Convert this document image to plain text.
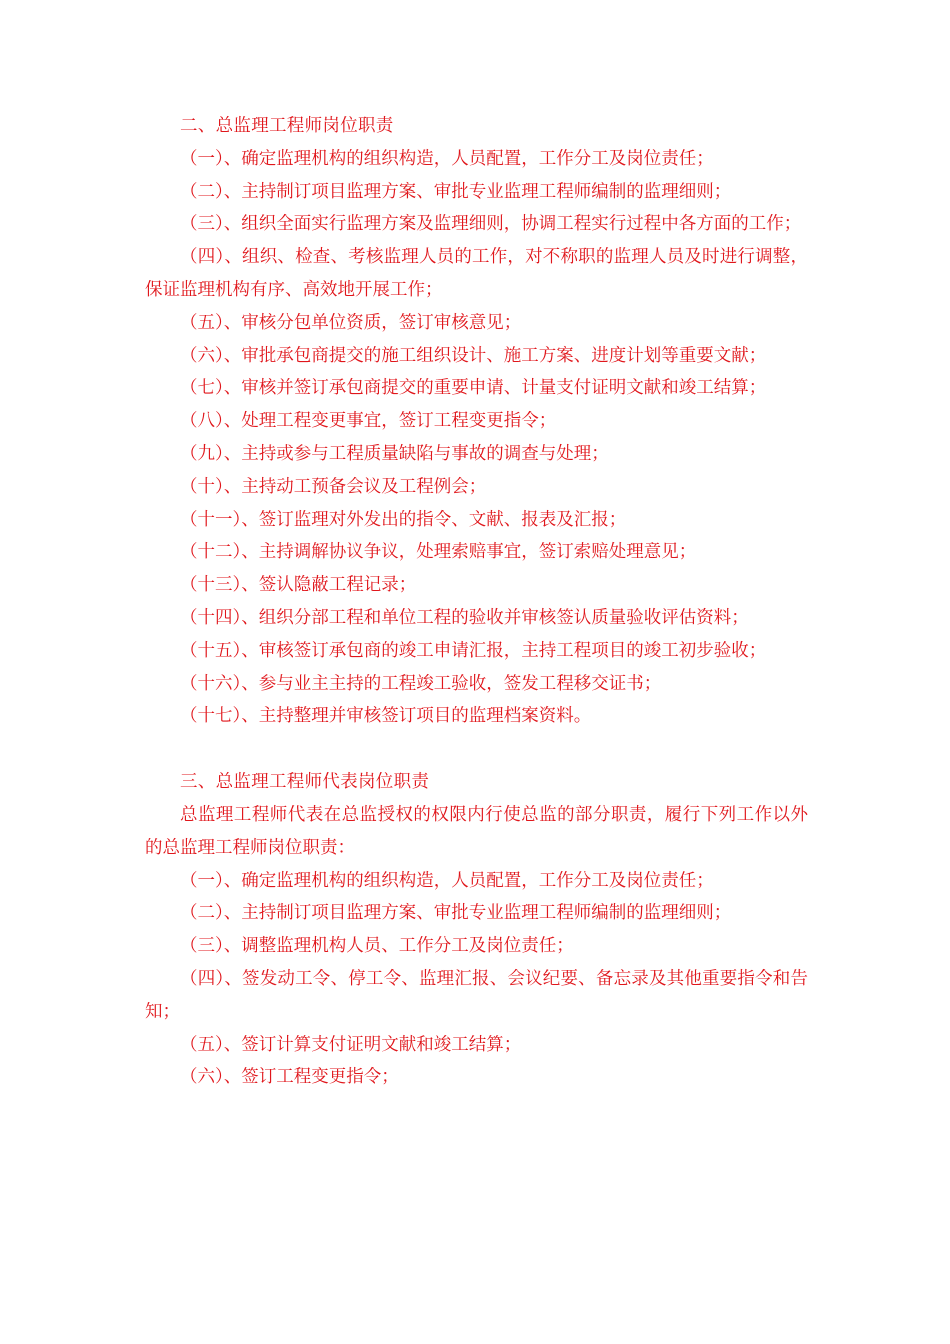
二、总监理工程师岗位职责

（一）、确定监理机构的组织构造，人员配置，工作分工及岗位责任；

（二）、主持制订项目监理方案、审批专业监理工程师编制的监理细则；

（三）、组织全面实行监理方案及监理细则，协调工程实行过程中各方面的工作；

（四）、组织、检查、考核监理人员的工作，对不称职的监理人员及时进行调整，保证监理机构有序、高效地开展工作；

（五）、审核分包单位资质，签订审核意见；

（六）、审批承包商提交的施工组织设计、施工方案、进度计划等重要文献；

（七）、审核并签订承包商提交的重要申请、计量支付证明文献和竣工结算；

（八）、处理工程变更事宜，签订工程变更指令；

（九）、主持或参与工程质量缺陷与事故的调查与处理；

（十）、主持动工预备会议及工程例会；

（十一）、签订监理对外发出的指令、文献、报表及汇报；

（十二）、主持调解协议争议，处理索赔事宜，签订索赔处理意见；

（十三）、签认隐蔽工程记录；

（十四）、组织分部工程和单位工程的验收并审核签认质量验收评估资料；

（十五）、审核签订承包商的竣工申请汇报，主持工程项目的竣工初步验收；

（十六）、参与业主主持的工程竣工验收，签发工程移交证书；

（十七）、主持整理并审核签订项目的监理档案资料。

三、总监理工程师代表岗位职责

总监理工程师代表在总监授权的权限内行使总监的部分职责，履行下列工作以外的总监理工程师岗位职责：

（一）、确定监理机构的组织构造，人员配置，工作分工及岗位责任；

（二）、主持制订项目监理方案、审批专业监理工程师编制的监理细则；

（三）、调整监理机构人员、工作分工及岗位责任；

（四）、签发动工令、停工令、监理汇报、会议纪要、备忘录及其他重要指令和告知；

（五）、签订计算支付证明文献和竣工结算；

（六）、签订工程变更指令；
